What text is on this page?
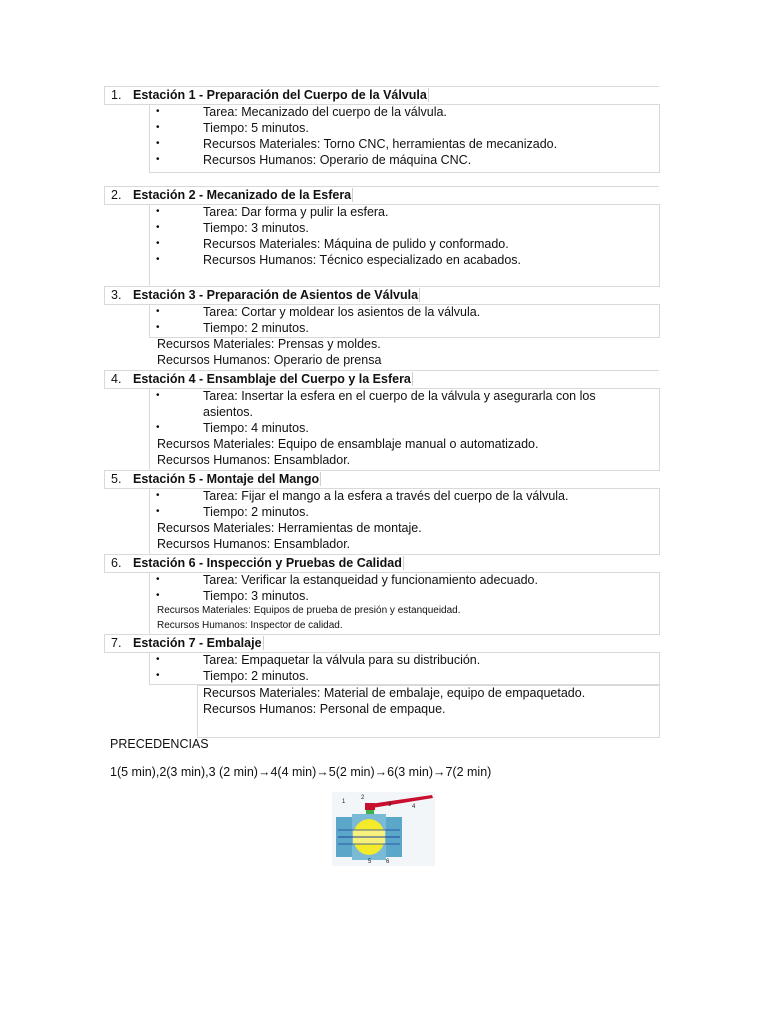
1. Estación 1 - Preparación del Cuerpo de la Válvula
•	Tarea: Mecanizado del cuerpo de la válvula.
•	Tiempo: 5 minutos.
•	Recursos Materiales: Torno CNC, herramientas de mecanizado.
•	Recursos Humanos: Operario de máquina CNC.
2. Estación 2 - Mecanizado de la Esfera
•	Tarea: Dar forma y pulir la esfera.
•	Tiempo: 3 minutos.
•	Recursos Materiales: Máquina de pulido y conformado.
•	Recursos Humanos: Técnico especializado en acabados.
3. Estación 3 - Preparación de Asientos de Válvula
•	Tarea: Cortar y moldear los asientos de la válvula.
•	Tiempo: 2 minutos.
Recursos Materiales: Prensas y moldes.
Recursos Humanos: Operario de prensa
4. Estación 4 - Ensamblaje del Cuerpo y la Esfera
•	Tarea: Insertar la esfera en el cuerpo de la válvula y asegurarla con los
asientos.
•	Tiempo: 4 minutos.
Recursos Materiales: Equipo de ensamblaje manual o automatizado.
Recursos Humanos: Ensamblador.
5. Estación 5 - Montaje del Mango
•	Tarea: Fijar el mango a la esfera a través del cuerpo de la válvula.
•	Tiempo: 2 minutos.
Recursos Materiales: Herramientas de montaje.
Recursos Humanos: Ensamblador.
6. Estación 6 - Inspección y Pruebas de Calidad
•	Tarea: Verificar la estanqueidad y funcionamiento adecuado.
•	Tiempo: 3 minutos.
Recursos Materiales: Equipos de prueba de presión y estanqueidad.
Recursos Humanos: Inspector de calidad.
7. Estación 7 - Embalaje
•	Tarea: Empaquetar la válvula para su distribución.
•	Tiempo: 2 minutos.
Recursos Materiales: Material de embalaje, equipo de empaquetado.
Recursos Humanos: Personal de empaque.
PRECEDENCIAS
1(5 min),2(3 min),3 (2 min)→4(4 min)→5(2 min)→6(3 min)→7(2 min)
1
2
3	4
5 6
